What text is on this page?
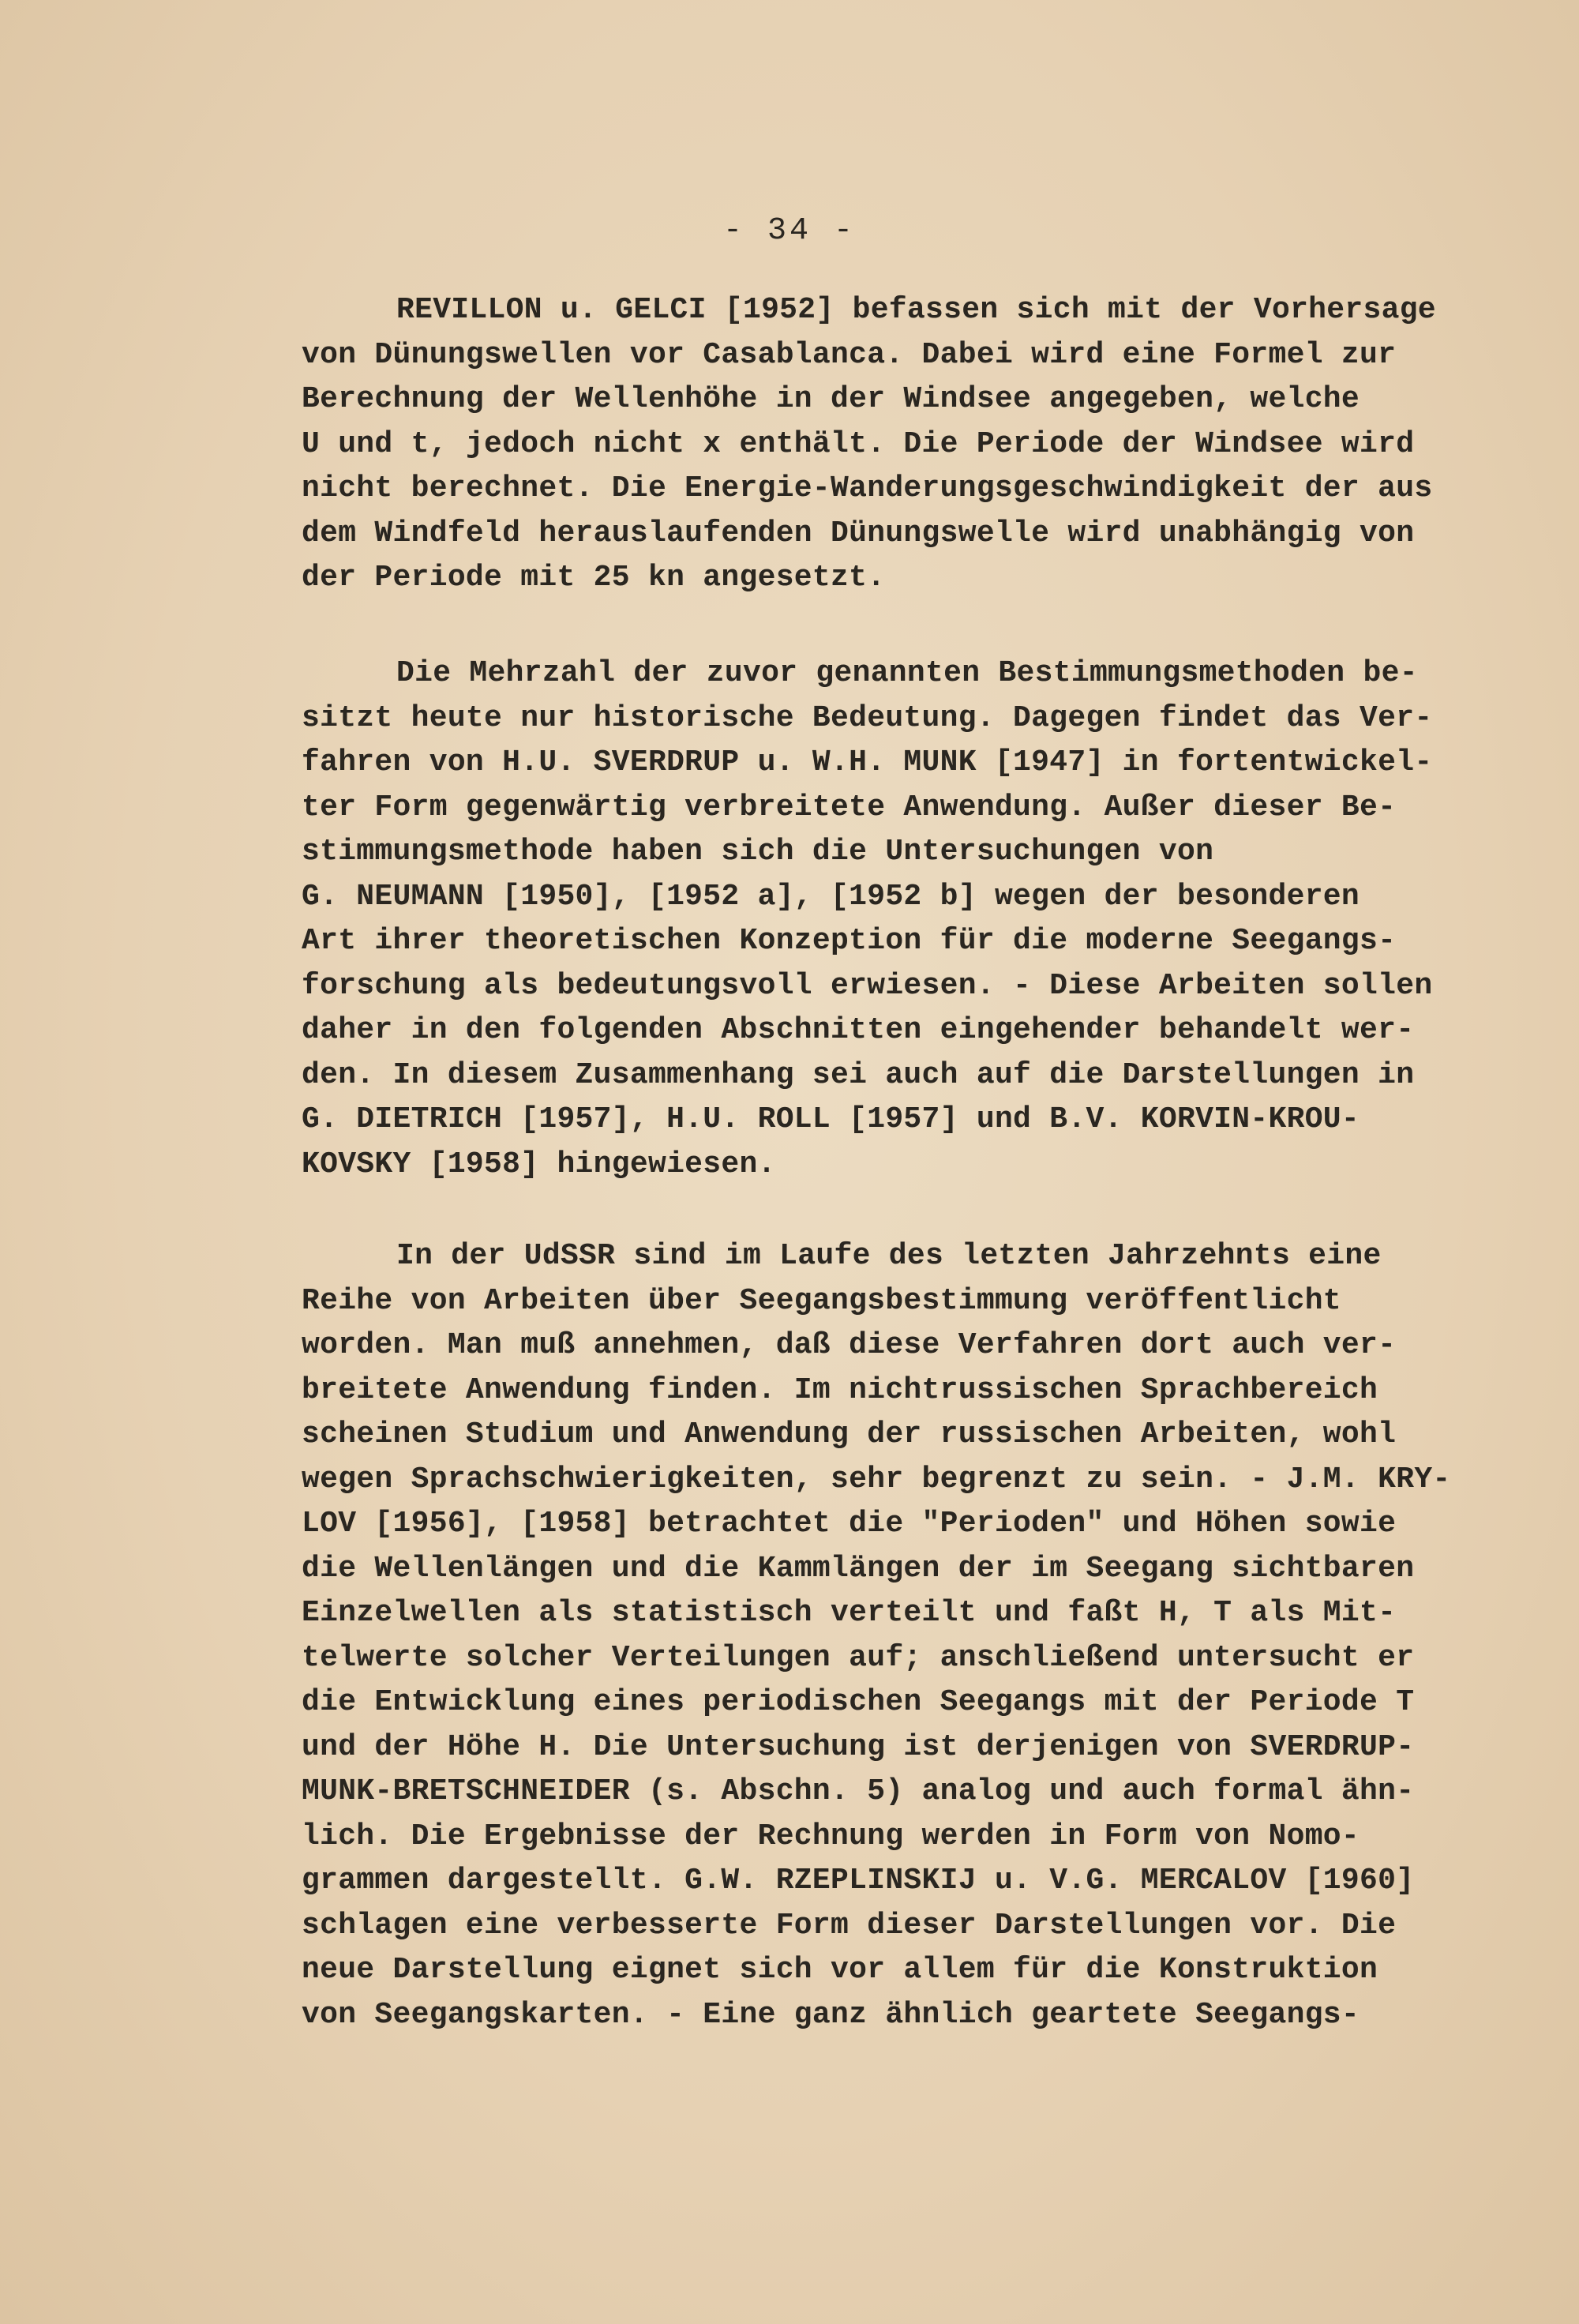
- 34 -
REVILLON u. GELCI [1952] befassen sich mit der Vorhersage
von Dünungswellen vor Casablanca. Dabei wird eine Formel zur
Berechnung der Wellenhöhe in der Windsee angegeben, welche
U und t, jedoch nicht x enthält. Die Periode der Windsee wird
nicht berechnet. Die Energie-Wanderungsgeschwindigkeit der aus
dem Windfeld herauslaufenden Dünungswelle wird unabhängig von
der Periode mit 25 kn angesetzt.
Die Mehrzahl der zuvor genannten Bestimmungsmethoden be-
sitzt heute nur historische Bedeutung. Dagegen findet das Ver-
fahren von H.U. SVERDRUP u. W.H. MUNK [1947] in fortentwickel-
ter Form gegenwärtig verbreitete Anwendung. Außer dieser Be-
stimmungsmethode haben sich die Untersuchungen von
G. NEUMANN [1950], [1952 a], [1952 b] wegen der besonderen
Art ihrer theoretischen Konzeption für die moderne Seegangs-
forschung als bedeutungsvoll erwiesen. - Diese Arbeiten sollen
daher in den folgenden Abschnitten eingehender behandelt wer-
den. In diesem Zusammenhang sei auch auf die Darstellungen in
G. DIETRICH [1957], H.U. ROLL [1957] und B.V. KORVIN-KROU-
KOVSKY [1958] hingewiesen.
In der UdSSR sind im Laufe des letzten Jahrzehnts eine
Reihe von Arbeiten über Seegangsbestimmung veröffentlicht
worden. Man muß annehmen, daß diese Verfahren dort auch ver-
breitete Anwendung finden. Im nichtrussischen Sprachbereich
scheinen Studium und Anwendung der russischen Arbeiten, wohl
wegen Sprachschwierigkeiten, sehr begrenzt zu sein. - J.M. KRY-
LOV [1956], [1958] betrachtet die "Perioden" und Höhen sowie
die Wellenlängen und die Kammlängen der im Seegang sichtbaren
Einzelwellen als statistisch verteilt und faßt H, T als Mit-
telwerte solcher Verteilungen auf; anschließend untersucht er
die Entwicklung eines periodischen Seegangs mit der Periode T
und der Höhe H. Die Untersuchung ist derjenigen von SVERDRUP-
MUNK-BRETSCHNEIDER (s. Abschn. 5) analog und auch formal ähn-
lich. Die Ergebnisse der Rechnung werden in Form von Nomo-
grammen dargestellt. G.W. RZEPLINSKIJ u. V.G. MERCALOV [1960]
schlagen eine verbesserte Form dieser Darstellungen vor. Die
neue Darstellung eignet sich vor allem für die Konstruktion
von Seegangskarten. - Eine ganz ähnlich geartete Seegangs-
